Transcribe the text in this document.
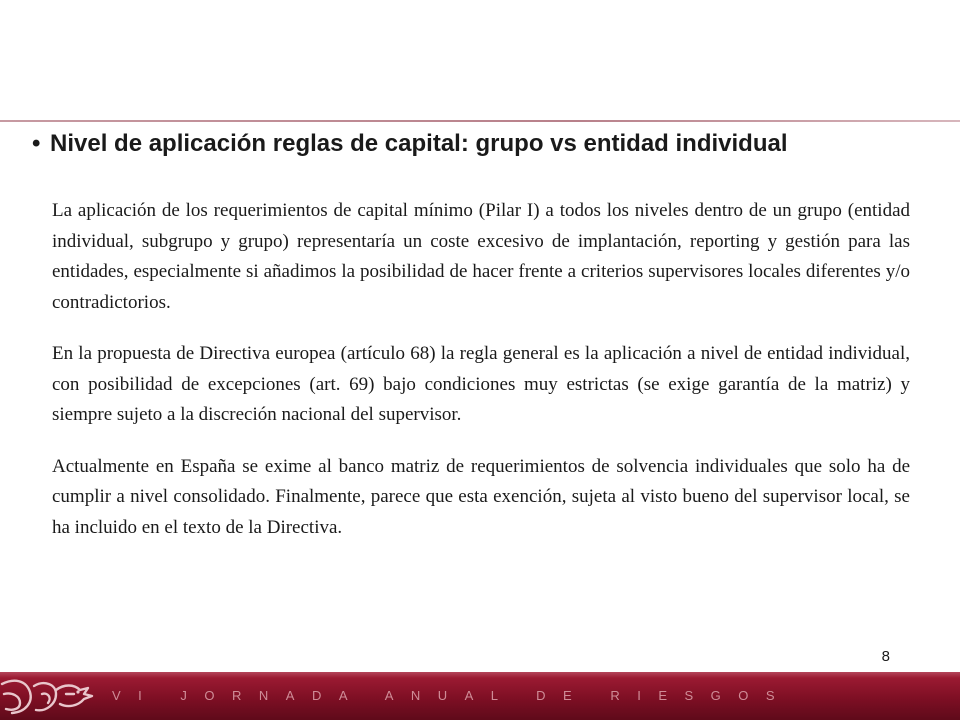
• Nivel de aplicación reglas de capital: grupo vs entidad individual

La aplicación de los requerimientos de capital mínimo (Pilar I) a todos los niveles dentro de un grupo (entidad individual, subgrupo y grupo) representaría un coste excesivo de implantación, reporting y gestión para las entidades, especialmente si añadimos la posibilidad de hacer frente a criterios supervisores locales diferentes y/o contradictorios.

En la propuesta de Directiva europea (artículo 68) la regla general es la aplicación a nivel de entidad individual, con posibilidad de excepciones (art. 69) bajo condiciones muy estrictas (se exige garantía de la matriz) y siempre sujeto a la discreción nacional del supervisor.

Actualmente en España se exime al banco matriz de requerimientos de solvencia individuales que solo ha de cumplir a nivel consolidado. Finalmente, parece que esta exención, sujeta al visto bueno del supervisor local, se ha incluido en el texto de la Directiva.

8
VI JORNADA ANUAL DE RIESGOS
